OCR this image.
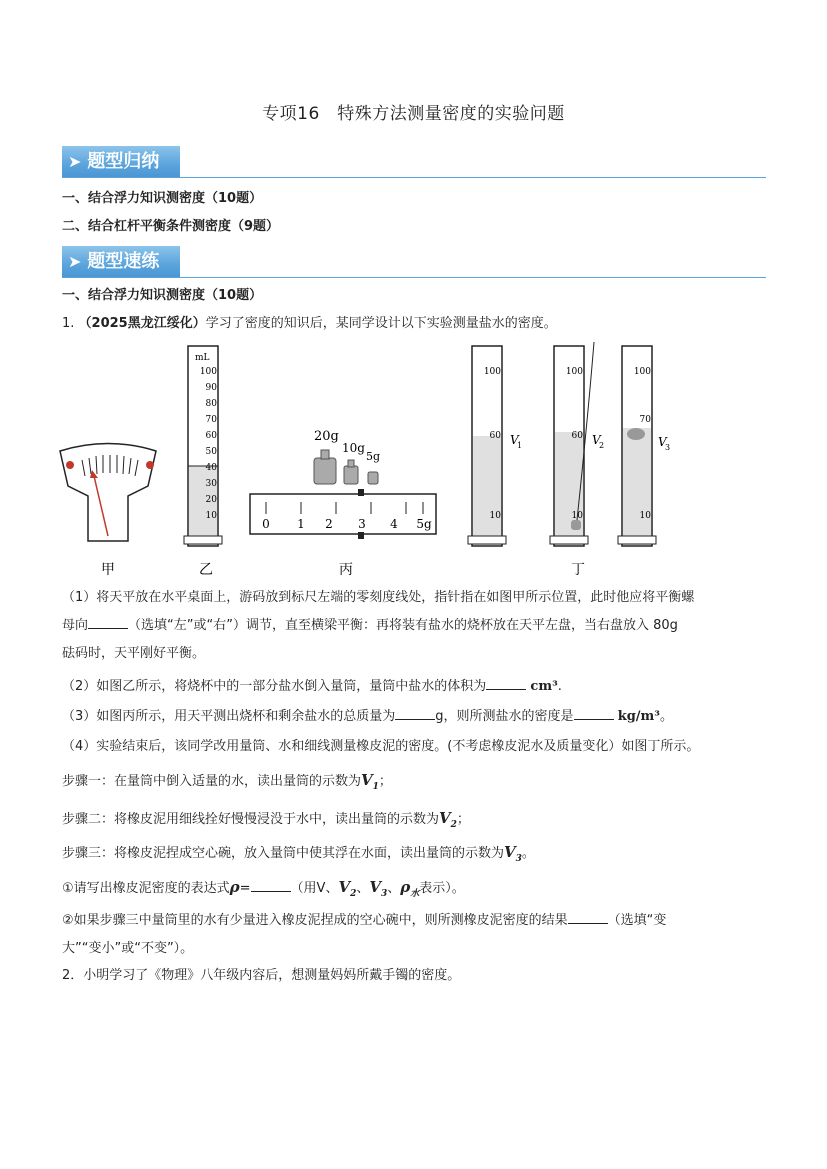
专项16　特殊方法测量密度的实验问题
➤ 题型归纳
一、结合浮力知识测密度（10题）
二、结合杠杆平衡条件测密度（9题）
➤ 题型速练
一、结合浮力知识测密度（10题）
1. （2025黑龙江绥化）学习了密度的知识后，某同学设计以下实验测量盐水的密度。
mL
100
90
80
70
60
50
40
30
20
10
20g
10g
5g
0 1 2 3 4 5g
V
1	V
2	V
3
100	100	100
60	60
70
10	10	10
甲	乙	丙	丁
（1）将天平放在水平桌面上，游码放到标尺左端的零刻度线处，指针指在如图甲所示位置，此时他应将平衡螺
母向	（选填“左”或“右”）调节，直至横梁平衡：再将装有盐水的烧杯放在天平左盘，当右盘放入 80g
砝码时，天平刚好平衡。
（2）如图乙所示，将烧杯中的一部分盐水倒入量筒，量筒中盐水的体积为	cm³.
（3）如图丙所示，用天平测出烧杯和剩余盐水的总质量为	g，则所测盐水的密度是	kg/m³。
（4）实验结束后，该同学改用量筒、水和细线测量橡皮泥的密度。(不考虑橡皮泥水及质量变化）如图丁所示。
步骤一：在量筒中倒入适量的水，读出量筒的示数为$V_1$；
步骤二：将橡皮泥用细线拴好慢慢浸没于水中，读出量筒的示数为$V_2$；
步骤三：将橡皮泥捏成空心碗，放入量筒中使其浮在水面，读出量筒的示数为$V_3$。
①请写出橡皮泥密度的表达式ρ=	（用V、$V_2$、$V_3$、$\rho_水$表示）。
②如果步骤三中量筒里的水有少量进入橡皮泥捏成的空心碗中，则所测橡皮泥密度的结果	（选填“变
大”“变小”或“不变”）。
2．小明学习了《物理》八年级内容后，想测量妈妈所戴手镯的密度。
